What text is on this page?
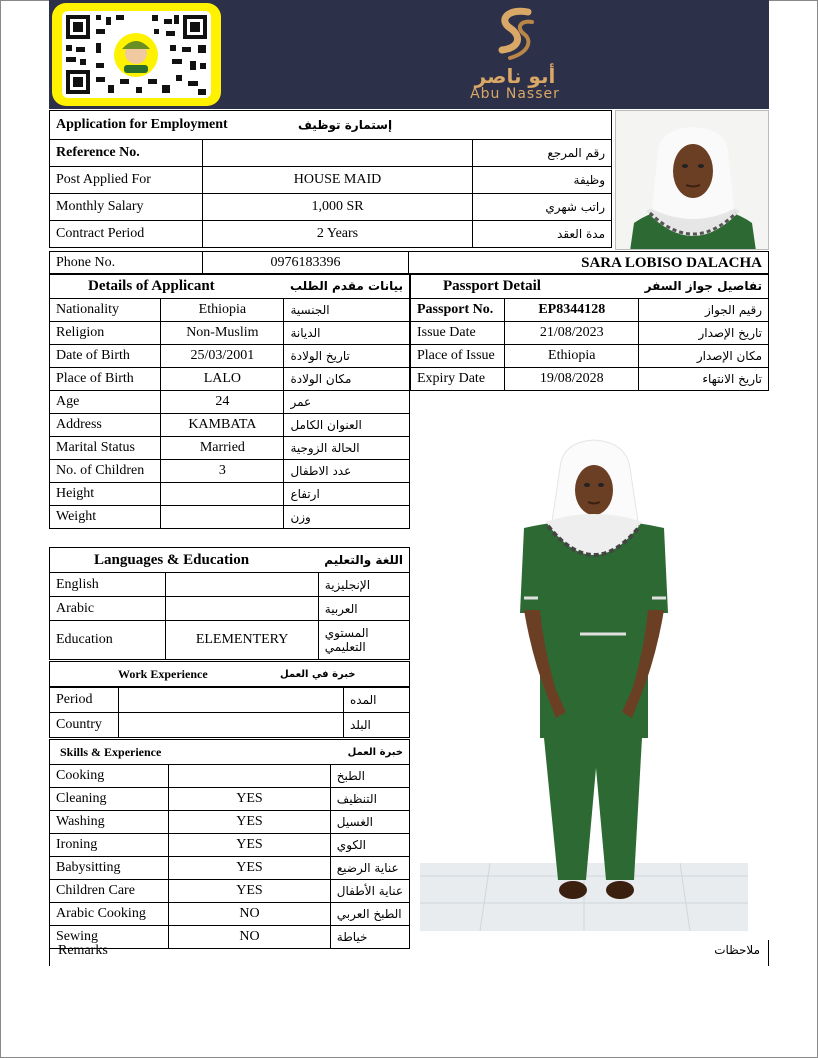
أبو ناصر
Abu Nasser
Application for Employment	إستمارة توظيف
Reference No.		رقم المرجع
Post Applied For	HOUSE MAID	وظيفة
Monthly Salary	1,000 SR	راتب شهري
Contract Period	2 Years	مدة العقد
Phone No.	0976183396	SARA LOBISO DALACHA
Details of Applicant		بيانات مقدم الطلب
Nationality	Ethiopia	الجنسية
Religion	Non-Muslim	الديانة
Date of Birth	25/03/2001	تاريخ الولادة
Place of Birth	LALO	مكان الولادة
Age	24	عمر
Address	KAMBATA	العنوان الكامل
Marital Status	Married	الحالة الزوجية
No. of Children	3	عدد الاطفال
Height		ارتفاع
Weight		وزن
Languages & Education		اللغة والتعليم
English		الإنجليزية
Arabic		العربية
Education	ELEMENTERY	المستوي التعليمي
Work Experience	خبرة في العمل
Period		المده
Country		البلد
Skills & Experience		خبرة العمل
Cooking		الطبخ
Cleaning	YES	التنظيف
Washing	YES	الغسيل
Ironing	YES	الكوي
Babysitting	YES	عناية الرضيع
Children Care	YES	عناية الأطفال
Arabic Cooking	NO	الطبخ العربي
Sewing	NO	خياطة
Passport Detail		تفاصيل جواز السفر
Passport No.	EP8344128	رقيم الجواز
Issue Date	21/08/2023	تاريخ الإصدار
Place of Issue	Ethiopia	مكان الإصدار
Expiry Date	19/08/2028	تاريخ الانتهاء
Remarks	ملاحظات
